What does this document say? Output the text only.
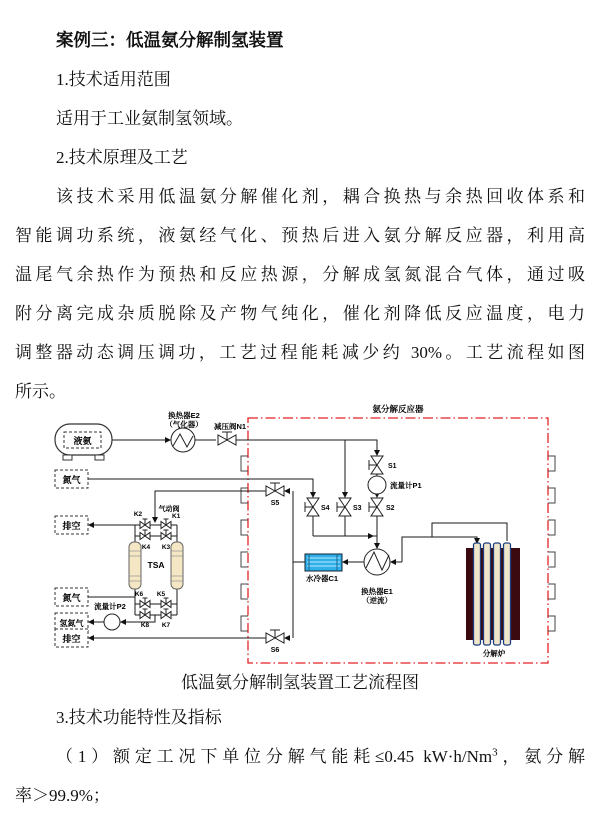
案例三：低温氨分解制氢装置
1.技术适用范围
适用于工业氨制氢领域。
2.技术原理及工艺
该技术采用低温氨分解催化剂，耦合换热与余热回收体系和
智能调功系统，液氨经气化、预热后进入氨分解反应器，利用高
温尾气余热作为预热和反应热源，分解成氢氮混合气体，通过吸
附分离完成杂质脱除及产物气纯化，催化剂降低反应温度，电力
调整器动态调压调功，工艺过程能耗减少约 30%。工艺流程如图
所示。
氨分解反应器
液氨
氮气
排空
氮气
氢氮气
排空
换热器E2
（气化器） 减压阀N1
S1
流量计P1
S2
S3
S4
S5
S6
K2
气动阀
K1
K4 K3
K6 K5
K8 K7
TSA
流量计P2
水冷器C1
换热器E1
（逆流）
分解炉
低温氨分解制氢装置工艺流程图
3.技术功能特性及指标
（1）额定工况下单位分解气能耗≤0.45 $kW\cdot h/Nm^3$，氨分解
率＞99.9%；
